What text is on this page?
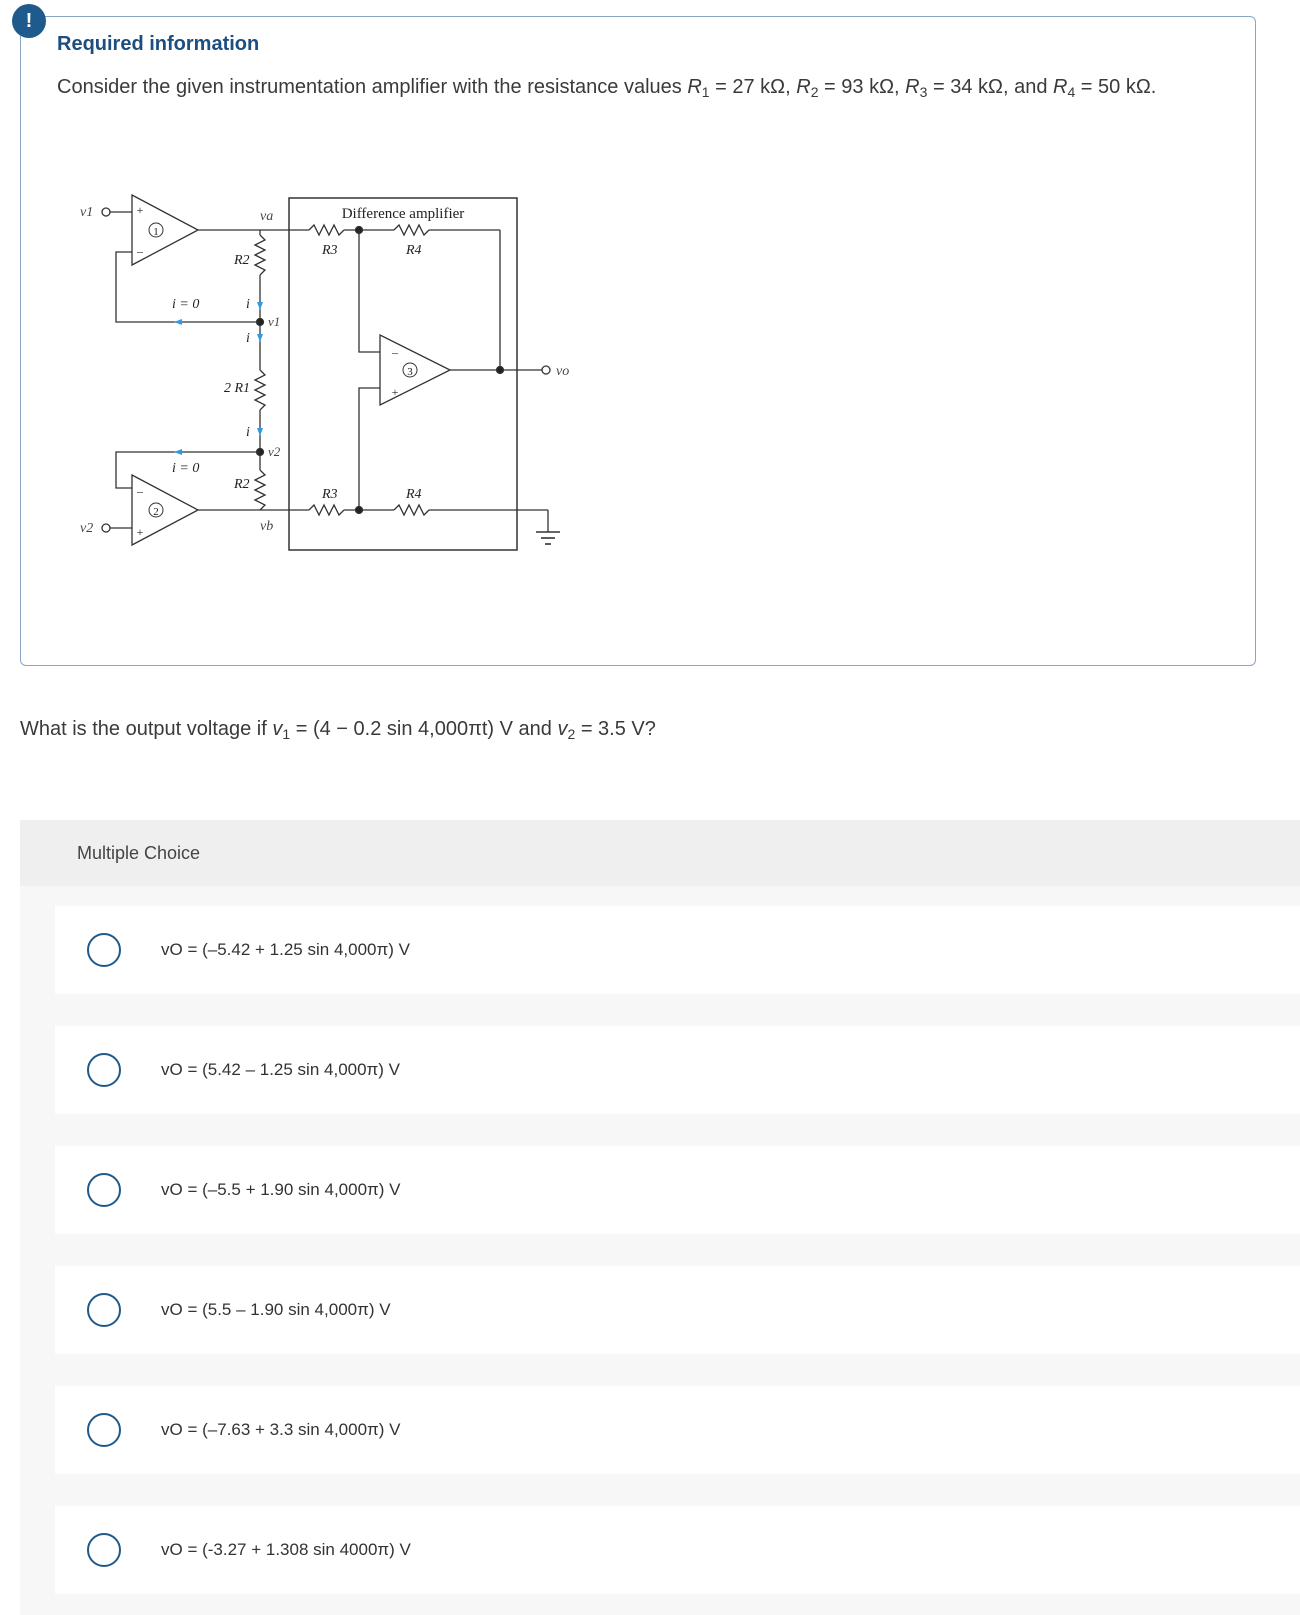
!
Required information

Consider the given instrumentation amplifier with the resistance values $R_1 = 27$ kΩ, $R_2 = 93$ kΩ, $R_3 = 34$ kΩ, and $R_4 = 50$ kΩ.

Difference amplifier
1
+
–
v1
2
–
+
v2
va
vb
R2
2 R1
R2
v1
v2
i = 0
i = 0
i
i
i
R3	R4
3
–
+
vo
R3	R4

What is the output voltage if $v_1 = (4 - 0.2$ sin 4,000πt) V and $v_2 = 3.5$ V?

Multiple Choice
vO = (–5.42 + 1.25 sin 4,000π) V
vO = (5.42 – 1.25 sin 4,000π) V
vO = (–5.5 + 1.90 sin 4,000π) V
vO = (5.5 – 1.90 sin 4,000π) V
vO = (–7.63 + 3.3 sin 4,000π) V
vO = (-3.27 + 1.308 sin 4000π) V
